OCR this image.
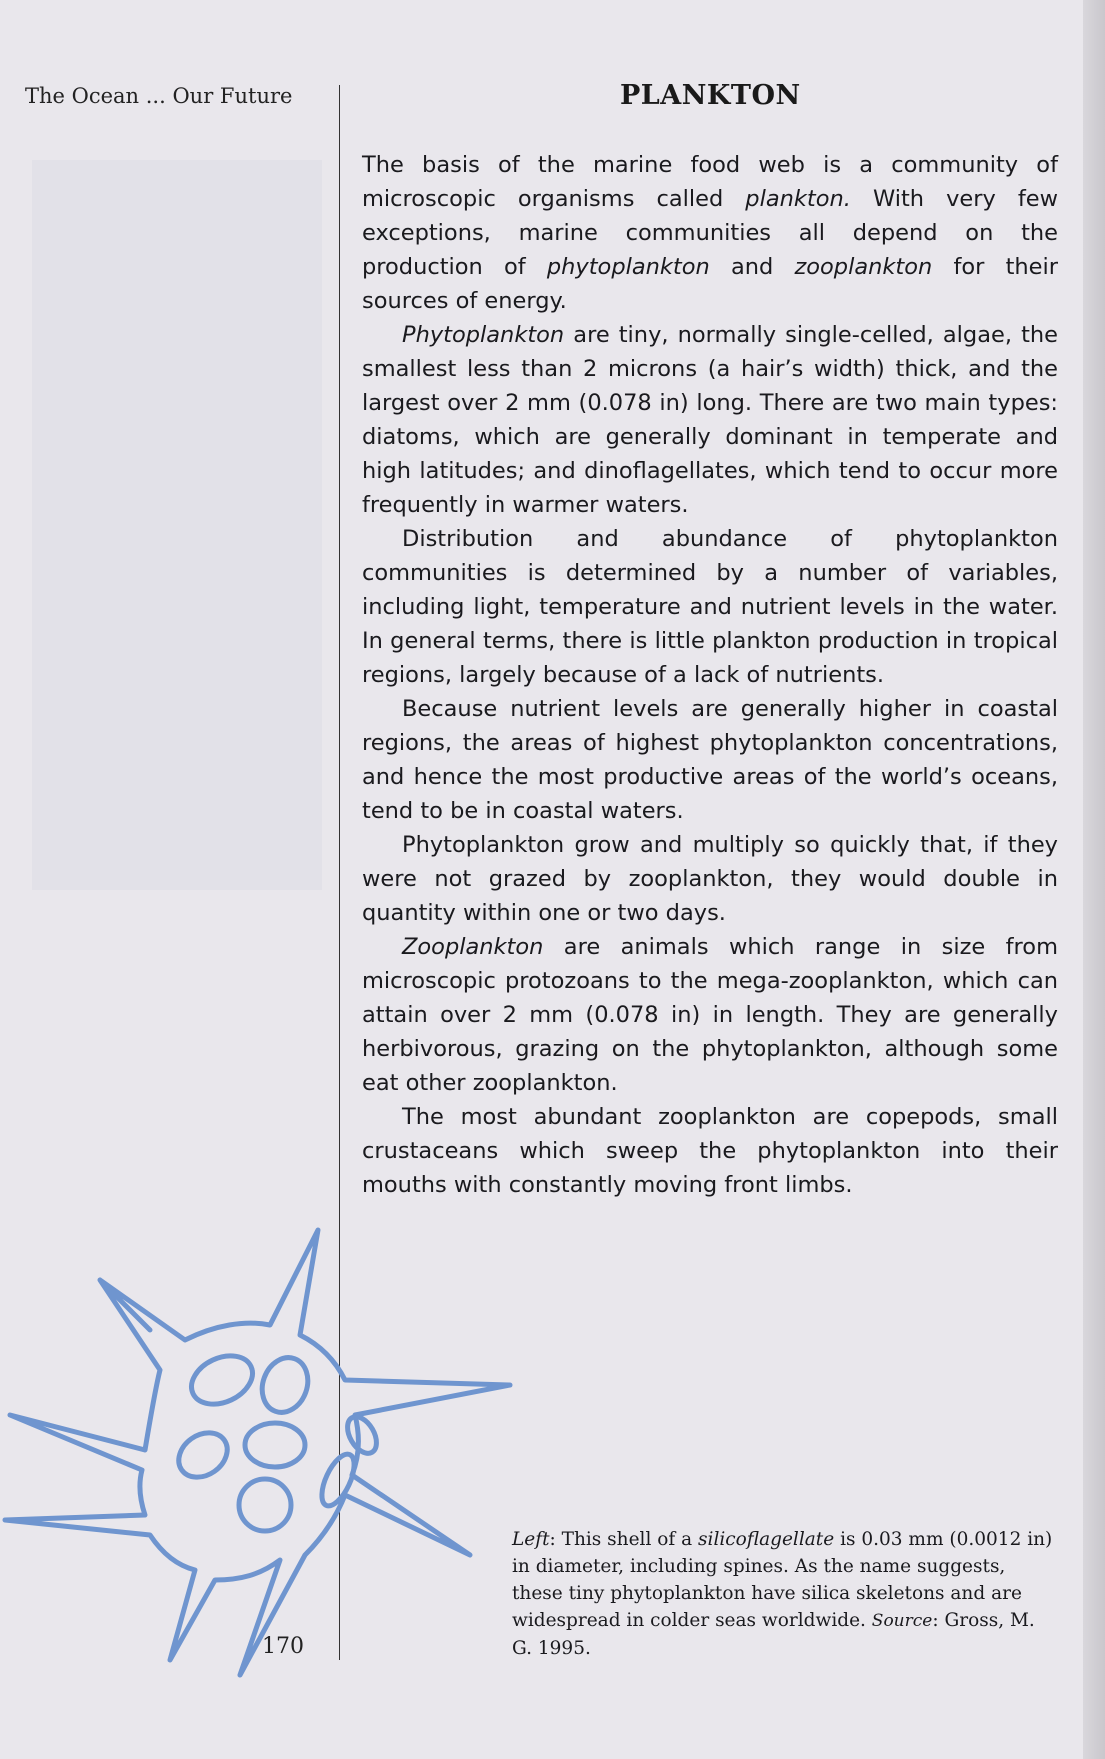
The Ocean ... Our Future	PLANKTON

The basis of the marine food web is a community of microscopic organisms called plankton. With very few exceptions, marine communities all depend on the production of phytoplankton and zooplankton for their sources of energy.

Phytoplankton are tiny, normally single-celled, algae, the smallest less than 2 microns (a hair’s width) thick, and the largest over 2 mm (0.078 in) long. There are two main types: diatoms, which are generally dominant in temperate and high latitudes; and dinoflagellates, which tend to occur more frequently in warmer waters.

Distribution and abundance of phytoplankton communities is determined by a number of variables, including light, temperature and nutrient levels in the water. In general terms, there is little plankton production in tropical regions, largely because of a lack of nutrients.

Because nutrient levels are generally higher in coastal regions, the areas of highest phytoplankton concentrations, and hence the most productive areas of the world’s oceans, tend to be in coastal waters.

Phytoplankton grow and multiply so quickly that, if they were not grazed by zooplankton, they would double in quantity within one or two days.

Zooplankton are animals which range in size from microscopic protozoans to the mega-zooplankton, which can attain over 2 mm (0.078 in) in length. They are generally herbivorous, grazing on the phytoplankton, although some eat other zooplankton.

The most abundant zooplankton are copepods, small crustaceans which sweep the phytoplankton into their mouths with constantly moving front limbs.

Left: This shell of a silicoflagellate is 0.03 mm (0.0012 in) in diameter, including spines. As the name suggests, these tiny phytoplankton have silica skeletons and are widespread in colder seas worldwide. Source: Gross, M. G. 1995.
170
